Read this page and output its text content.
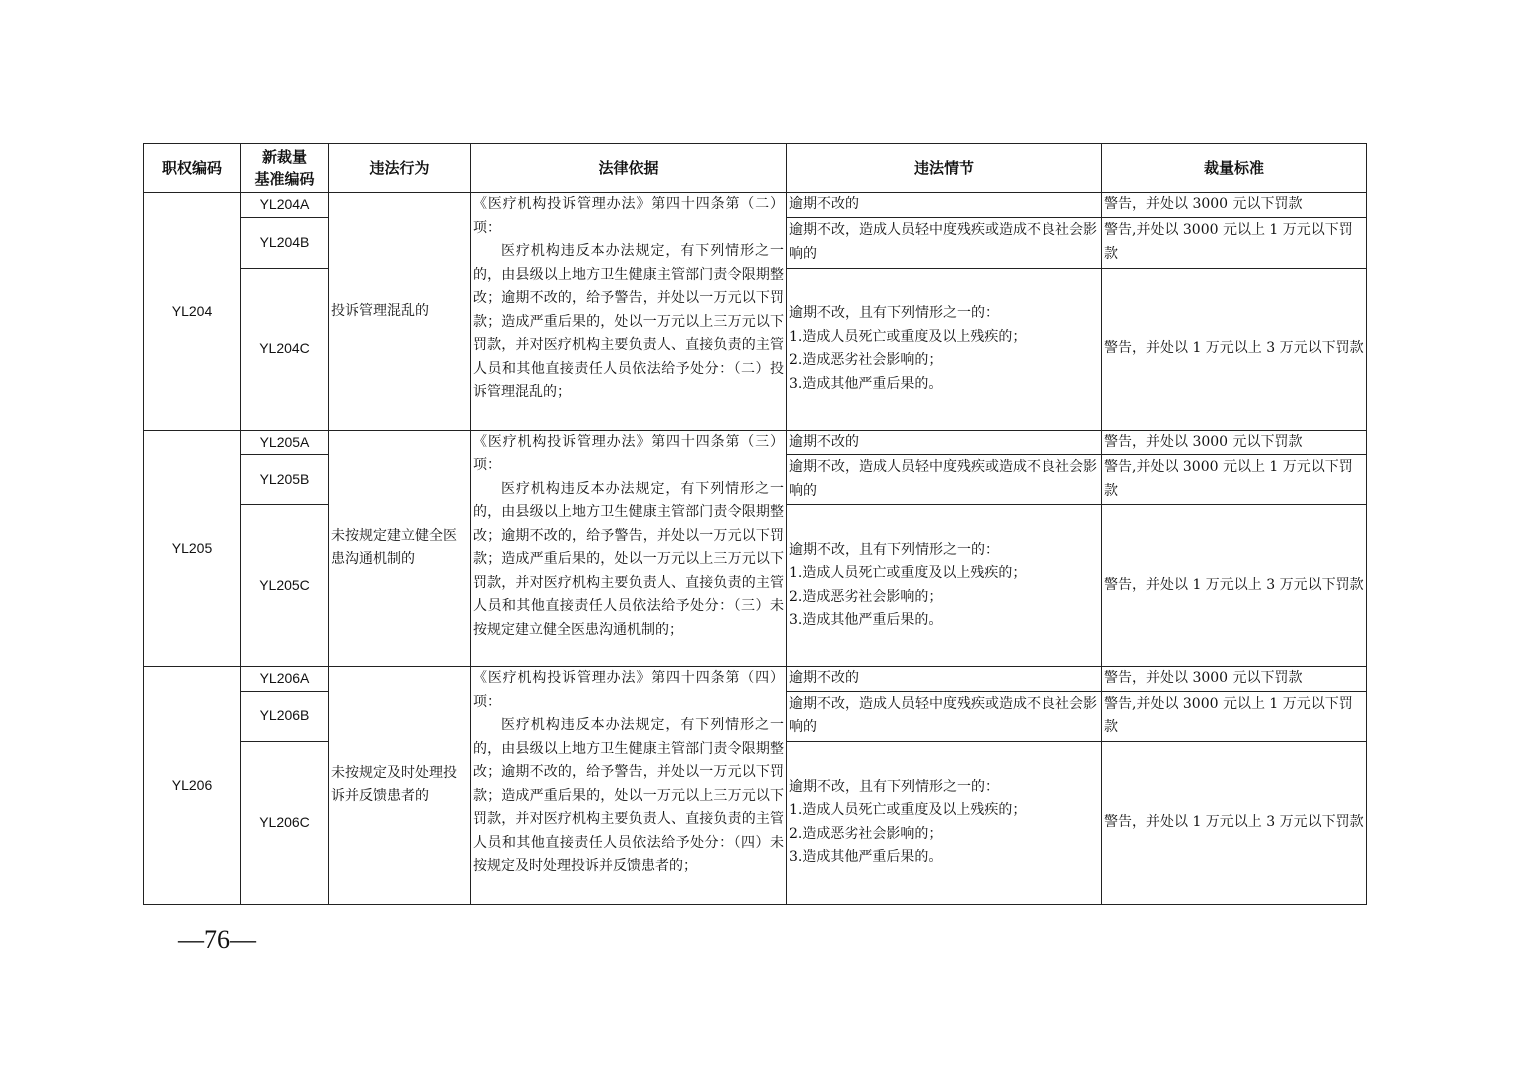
职权编码	新裁量
基准编码	违法行为	法律依据	违法情节	裁量标准
YL204	YL204A	投诉管理混乱的	《医疗机构投诉管理办法》第四十四条第（二）项：

医疗机构违反本办法规定，有下列情形之一的，由县级以上地方卫生健康主管部门责令限期整改；逾期不改的，给予警告，并处以一万元以下罚款；造成严重后果的，处以一万元以上三万元以下罚款，并对医疗机构主要负责人、直接负责的主管人员和其他直接责任人员依法给予处分：（二）投诉管理混乱的；	逾期不改的	警告，并处以 3000 元以下罚款
	YL204B			逾期不改，造成人员轻中度残疾或造成不良社会影响的	警告,并处以 3000 元以上 1 万元以下罚款
	YL204C			逾期不改，且有下列情形之一的：
1.造成人员死亡或重度及以上残疾的；
2.造成恶劣社会影响的；
3.造成其他严重后果的。	警告，并处以 1 万元以上 3 万元以下罚款
YL205	YL205A	未按规定建立健全医患沟通机制的	《医疗机构投诉管理办法》第四十四条第（三）项：

医疗机构违反本办法规定，有下列情形之一的，由县级以上地方卫生健康主管部门责令限期整改；逾期不改的，给予警告，并处以一万元以下罚款；造成严重后果的，处以一万元以上三万元以下罚款，并对医疗机构主要负责人、直接负责的主管人员和其他直接责任人员依法给予处分：（三）未按规定建立健全医患沟通机制的；	逾期不改的	警告，并处以 3000 元以下罚款
	YL205B			逾期不改，造成人员轻中度残疾或造成不良社会影响的	警告,并处以 3000 元以上 1 万元以下罚款
	YL205C			逾期不改，且有下列情形之一的：
1.造成人员死亡或重度及以上残疾的；
2.造成恶劣社会影响的；
3.造成其他严重后果的。	警告，并处以 1 万元以上 3 万元以下罚款
YL206	YL206A	未按规定及时处理投诉并反馈患者的	《医疗机构投诉管理办法》第四十四条第（四）项：

医疗机构违反本办法规定，有下列情形之一的，由县级以上地方卫生健康主管部门责令限期整改；逾期不改的，给予警告，并处以一万元以下罚款；造成严重后果的，处以一万元以上三万元以下罚款，并对医疗机构主要负责人、直接负责的主管人员和其他直接责任人员依法给予处分：（四）未按规定及时处理投诉并反馈患者的；	逾期不改的	警告，并处以 3000 元以下罚款
	YL206B			逾期不改，造成人员轻中度残疾或造成不良社会影响的	警告,并处以 3000 元以上 1 万元以下罚款
	YL206C			逾期不改，且有下列情形之一的：
1.造成人员死亡或重度及以上残疾的；
2.造成恶劣社会影响的；
3.造成其他严重后果的。	警告，并处以 1 万元以上 3 万元以下罚款
—76—
